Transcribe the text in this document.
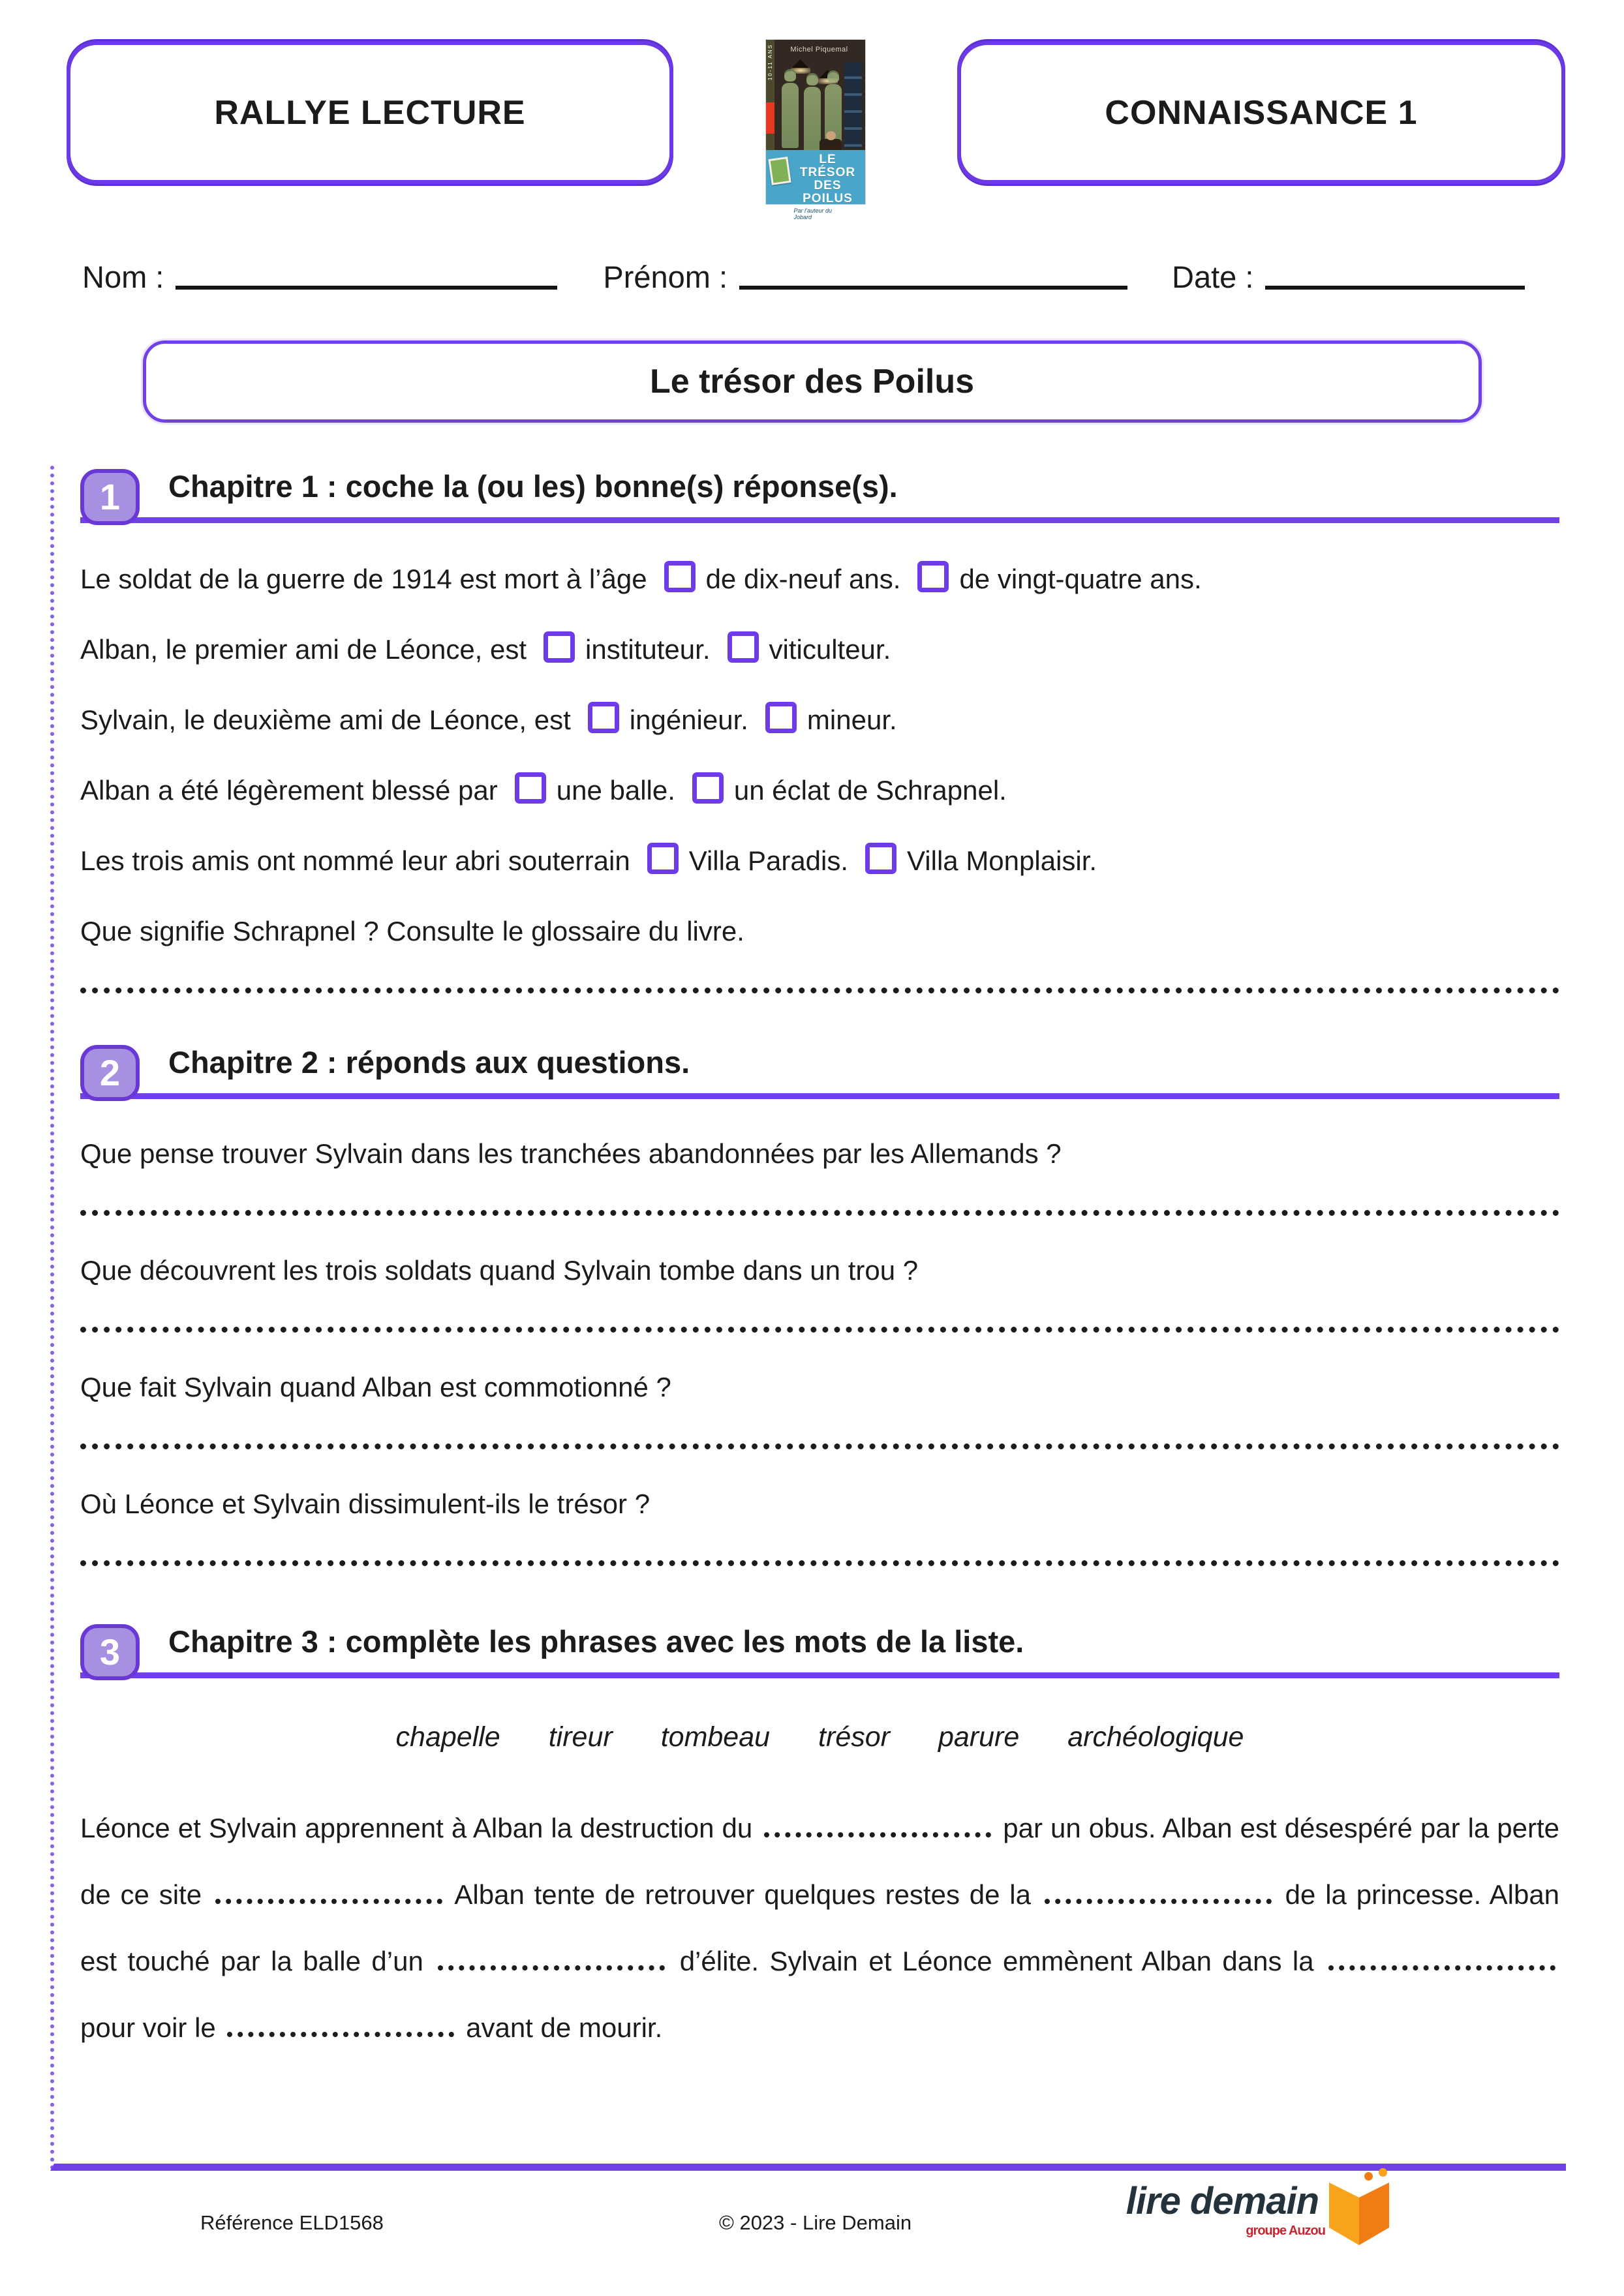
RALLYE LECTURE
Michel Piquemal
10-11 ANS
LE TRÉSOR
DES POILUS
Par l’auteur du Jobard
milan
CONNAISSANCE 1
Nom :	Prénom :	Date :
Le trésor des Poilus
1	Chapitre 1 : coche la (ou les) bonne(s) réponse(s).
Le soldat de la guerre de 1914 est mort à l’âge de dix-neuf ans. de vingt-quatre ans.
Alban, le premier ami de Léonce, est instituteur. viticulteur.
Sylvain, le deuxième ami de Léonce, est ingénieur. mineur.
Alban a été légèrement blessé par une balle. un éclat de Schrapnel.
Les trois amis ont nommé leur abri souterrain Villa Paradis. Villa Monplaisir.
Que signifie Schrapnel ? Consulte le glossaire du livre.
2	Chapitre 2 : réponds aux questions.
Que pense trouver Sylvain dans les tranchées abandonnées par les Allemands ?
Que découvrent les trois soldats quand Sylvain tombe dans un trou ?
Que fait Sylvain quand Alban est commotionné ?
Où Léonce et Sylvain dissimulent-ils le trésor ?
3	Chapitre 3 : complète les phrases avec les mots de la liste.
chapelle tireur tombeau trésor parure archéologique

Léonce et Sylvain apprennent à Alban la destruction du	par un obus. Alban est désespéré par la perte de ce site	Alban tente de retrouver quelques restes de la	de la princesse. Alban est touché par la balle d’un	d’élite. Sylvain et Léonce emmènent Alban dans la  pour voir le	avant de mourir.

Référence ELD1568	© 2023 - Lire Demain
lire demain
groupe Auzou
